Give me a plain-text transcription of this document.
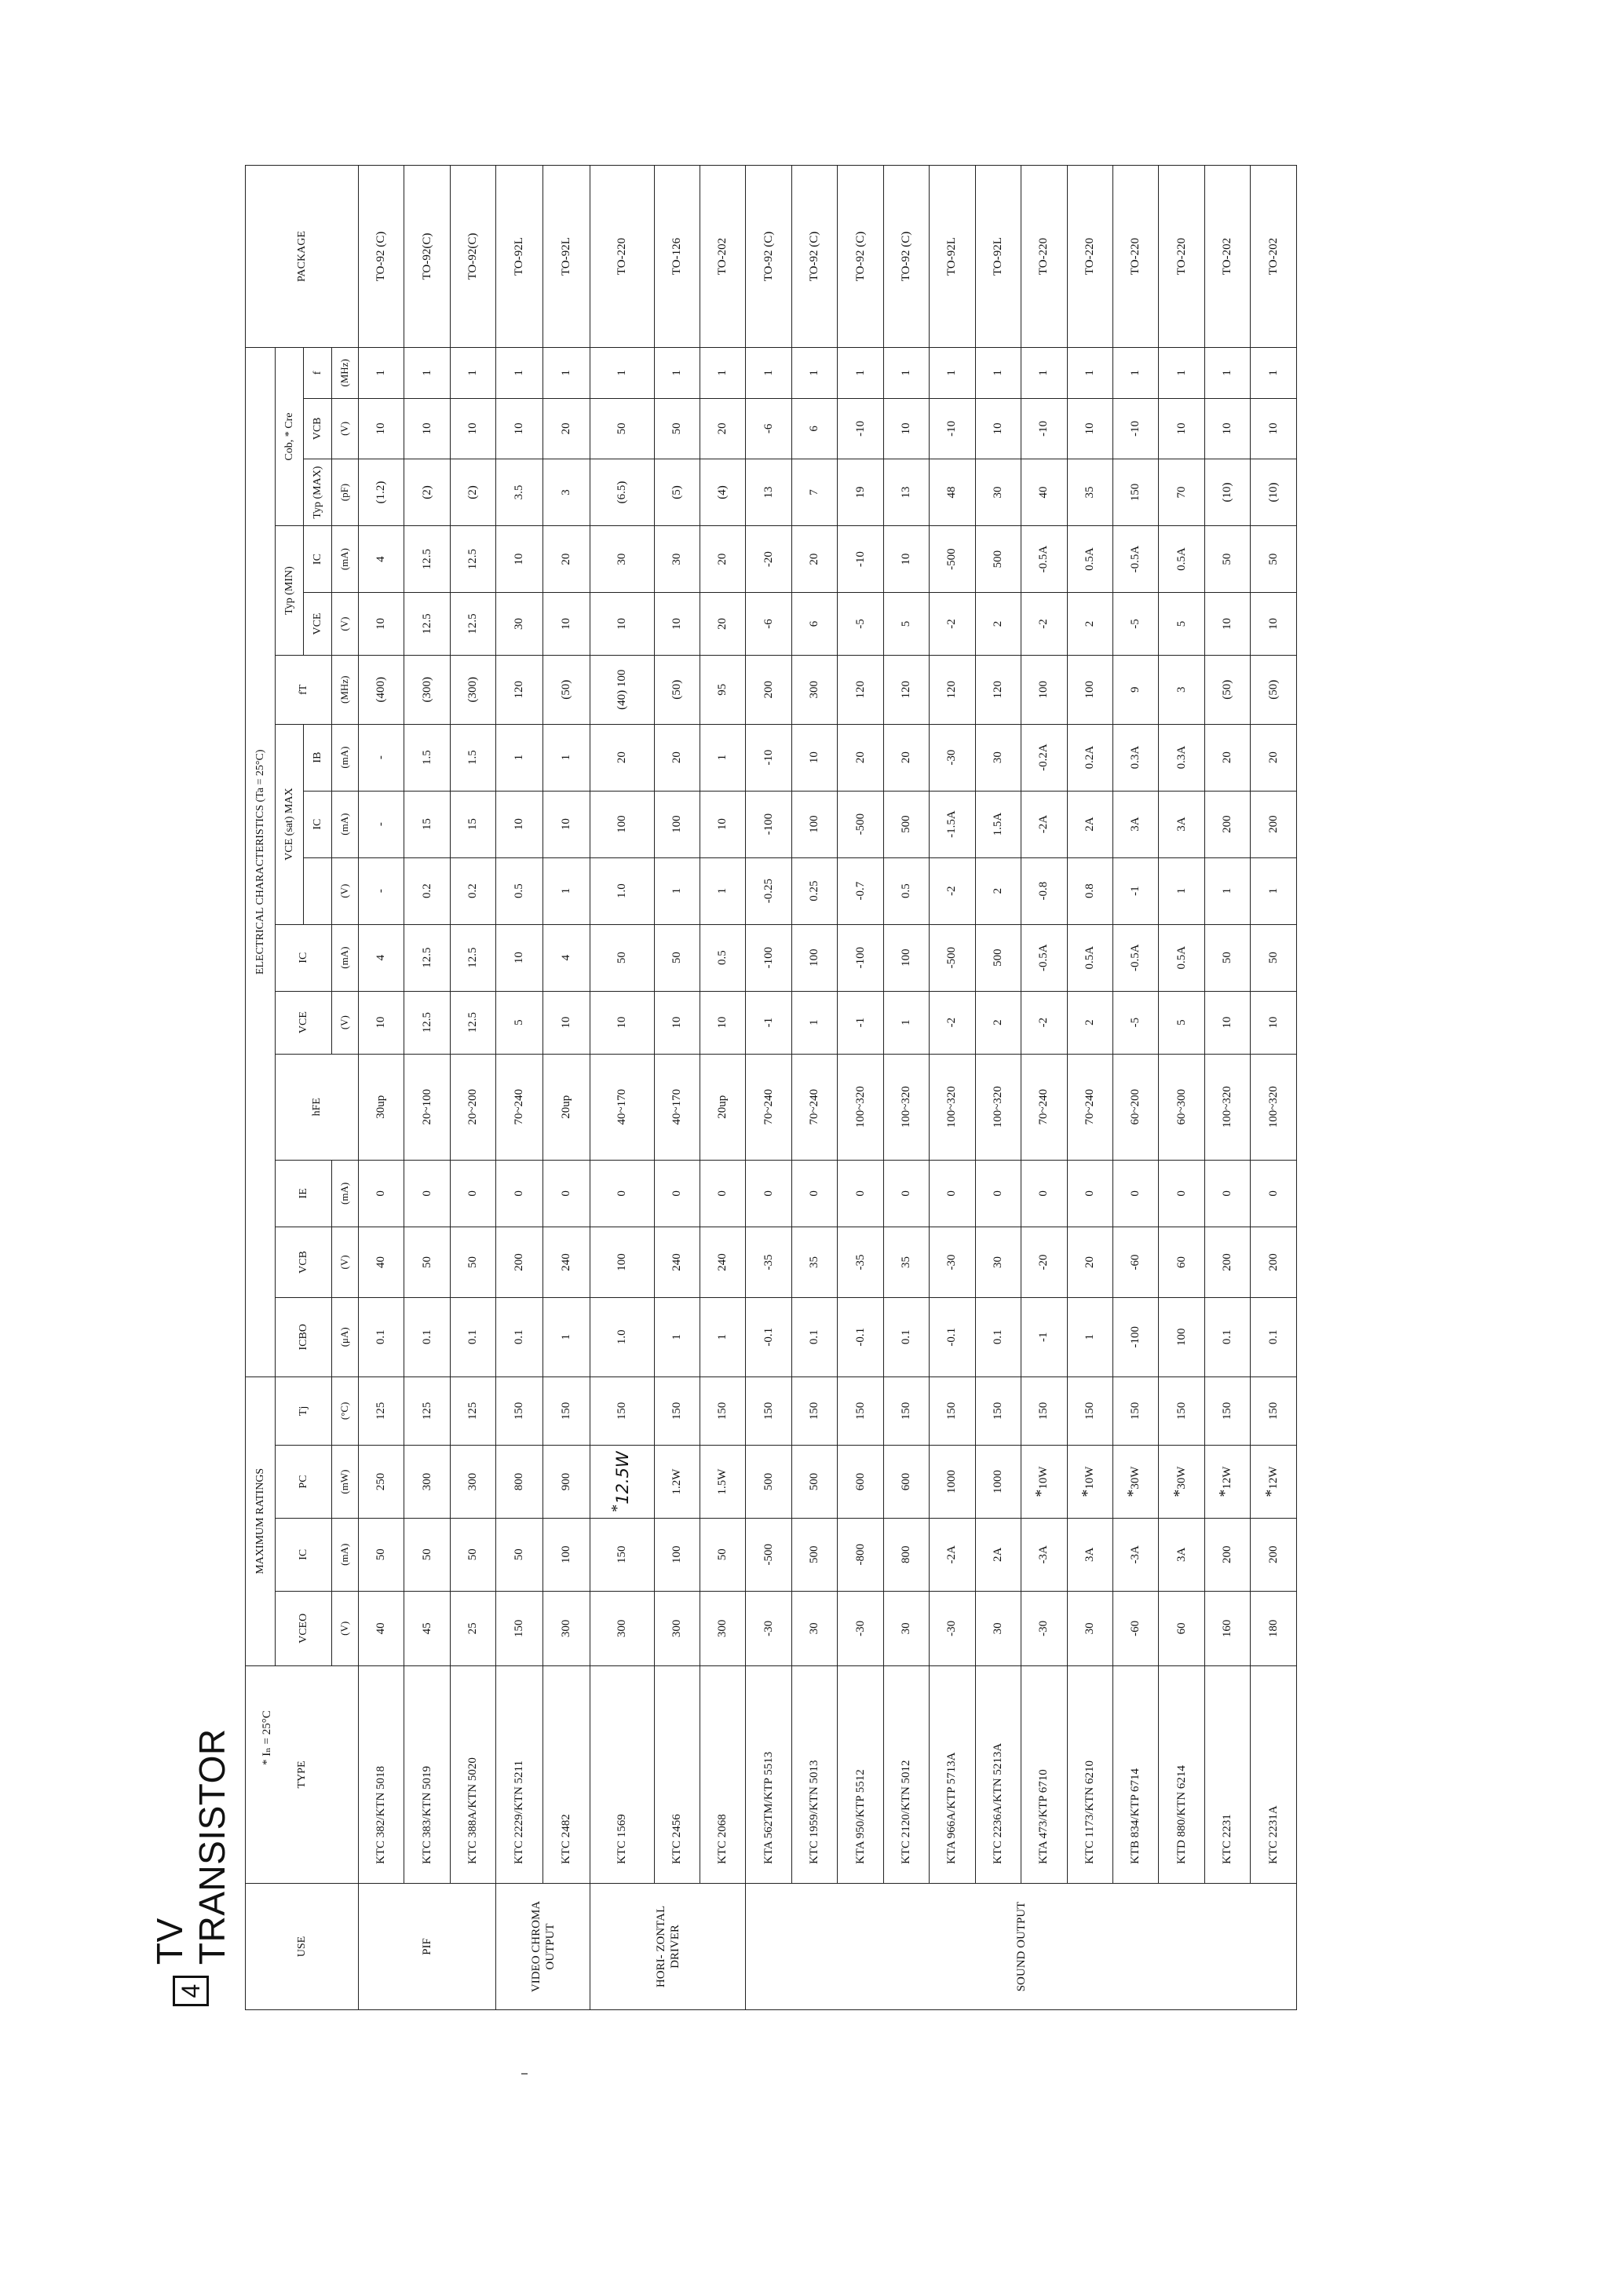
4
TV TRANSISTOR	USE	TYPE	MAXIMUM RATINGS				ELECTRICAL CHARACTERISTICS (Ta = 25°C)															PACKAGE
		VCEO	IC	PC	Tj	ICBO	VCB	IE	hFE	VCE	IC	VCE (sat) MAX			fT	Typ (MIN)		Cob, * Cre			
													IC	IB		VCE	IC	Typ (MAX)	VCB	f	
		(V)	(mA)	(mW)	(°C)	(μA)	(V)	(mA)		(V)	(mA)	(V)	(mA)	(mA)	(MHz)	(V)	(mA)	(pF)	(V)	(MHz)	
PIF	KTC 382/KTN 5018	40	50	250	125	0.1	40	0	30up	10	4	-	-	-	(400)	10	4	(1.2)	10	1	TO-92 (C)
	KTC 383/KTN 5019	45	50	300	125	0.1	50	0	20~100	12.5	12.5	0.2	15	1.5	(300)	12.5	12.5	(2)	10	1	TO-92(C)
	KTC 388A/KTN 5020	25	50	300	125	0.1	50	0	20~200	12.5	12.5	0.2	15	1.5	(300)	12.5	12.5	(2)	10	1	TO-92(C)
VIDEO CHROMA OUTPUT	KTC 2229/KTN 5211	150	50	800	150	0.1	200	0	70~240	5	10	0.5	10	1	120	30	10	3.5	10	1	TO-92L
	KTC 2482	300	100	900	150	1	240	0	20up	10	4	1	10	1	(50)	10	20	3	20	1	TO-92L
HORI- ZONTAL DRIVER	KTC 1569	300	150	*12.5W	150	1.0	100	0	40~170	10	50	1.0	100	20	(40) 100	10	30	(6.5)	50	1	TO-220
	KTC 2456	300	100	1.2W	150	1	240	0	40~170	10	50	1	100	20	(50)	10	30	(5)	50	1	TO-126
	KTC 2068	300	50	1.5W	150	1	240	0	20up	10	0.5	1	10	1	95	20	20	(4)	20	1	TO-202
SOUND OUTPUT	KTA 562TM/KTP 5513	-30	-500	500	150	-0.1	-35	0	70~240	-1	-100	-0.25	-100	-10	200	-6	-20	13	-6	1	TO-92 (C)
	KTC 1959/KTN 5013	30	500	500	150	0.1	35	0	70~240	1	100	0.25	100	10	300	6	20	7	6	1	TO-92 (C)
	KTA 950/KTP 5512	-30	-800	600	150	-0.1	-35	0	100~320	-1	-100	-0.7	-500	20	120	-5	-10	19	-10	1	TO-92 (C)
	KTC 2120/KTN 5012	30	800	600	150	0.1	35	0	100~320	1	100	0.5	500	20	120	5	10	13	10	1	TO-92 (C)
	KTA 966A/KTP 5713A	-30	-2A	1000	150	-0.1	-30	0	100~320	-2	-500	-2	-1.5A	-30	120	-2	-500	48	-10	1	TO-92L
	KTC 2236A/KTN 5213A	30	2A	1000	150	0.1	30	0	100~320	2	500	2	1.5A	30	120	2	500	30	10	1	TO-92L
	KTA 473/KTP 6710	-30	-3A	*10W	150	-1	-20	0	70~240	-2	-0.5A	-0.8	-2A	-0.2A	100	-2	-0.5A	40	-10	1	TO-220
	KTC 1173/KTN 6210	30	3A	*10W	150	1	20	0	70~240	2	0.5A	0.8	2A	0.2A	100	2	0.5A	35	10	1	TO-220
	KTB 834/KTP 6714	-60	-3A	*30W	150	-100	-60	0	60~200	-5	-0.5A	-1	3A	0.3A	9	-5	-0.5A	150	-10	1	TO-220
	KTD 880/KTN 6214	60	3A	*30W	150	100	60	0	60~300	5	0.5A	1	3A	0.3A	3	5	0.5A	70	10	1	TO-220
	KTC 2231	160	200	*12W	150	0.1	200	0	100~320	10	50	1	200	20	(50)	10	50	(10)	10	1	TO-202
	KTC 2231A	180	200	*12W	150	0.1	200	0	100~320	10	50	1	200	20	(50)	10	50	(10)	10	1	TO-202
* Iₙ = 25°C
